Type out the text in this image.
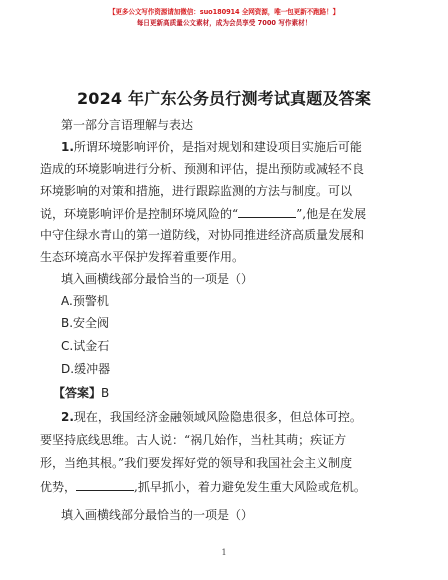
【更多公文写作资源请加微信：suo180914 全网资源，唯一包更新不跑路！】
每日更新高质量公文素材，成为会员享受 7000 写作素材！
2024 年广东公务员行测考试真题及答案
第一部分言语理解与表达
1.所谓环境影响评价，是指对规划和建设项目实施后可能
造成的环境影响进行分析、预测和评估，提出预防或减轻不良
环境影响的对策和措施，进行跟踪监测的方法与制度。可以
说，环境影响评价是控制环境风险的“	”,他是在发展
中守住绿水青山的第一道防线，对协同推进经济高质量发展和
生态环境高水平保护发挥着重要作用。
填入画横线部分最恰当的一项是（）
A.预警机
B.安全阀
C.试金石
D.缓冲器
【答案】B
2.现在，我国经济金融领域风险隐患很多，但总体可控。
要坚持底线思维。古人说：“祸几始作，当杜其萌；疾证方
形，当绝其根。”我们要发挥好党的领导和我国社会主义制度
优势，	,抓早抓小，着力避免发生重大风险或危机。
填入画横线部分最恰当的一项是（）
1
